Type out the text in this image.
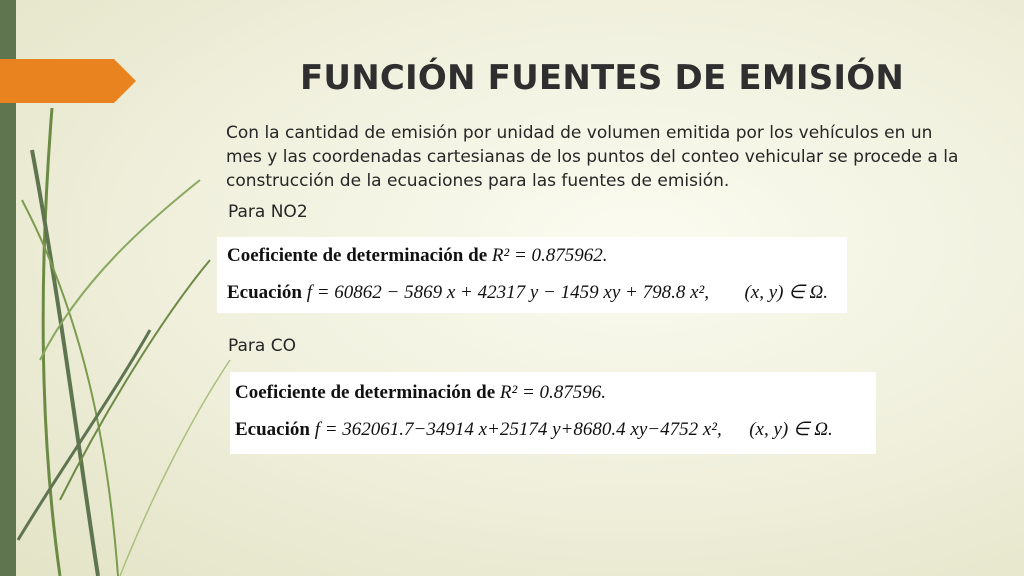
FUNCIÓN FUENTES DE EMISIÓN
Con la cantidad de emisión por unidad de volumen emitida por los vehículos en un mes y las coordenadas cartesianas de los puntos del conteo vehicular se procede a la construcción de la ecuaciones para las fuentes de emisión.
Para NO2
Coeficiente de determinación de R² = 0.875962.
Ecuación f = 60862 − 5869 x + 42317 y − 1459 xy + 798.8 x², (x, y) ∈ Ω.
Para CO
Coeficiente de determinación de R² = 0.87596.
Ecuación f = 362061.7−34914 x+25174 y+8680.4 xy−4752 x², (x, y) ∈ Ω.
